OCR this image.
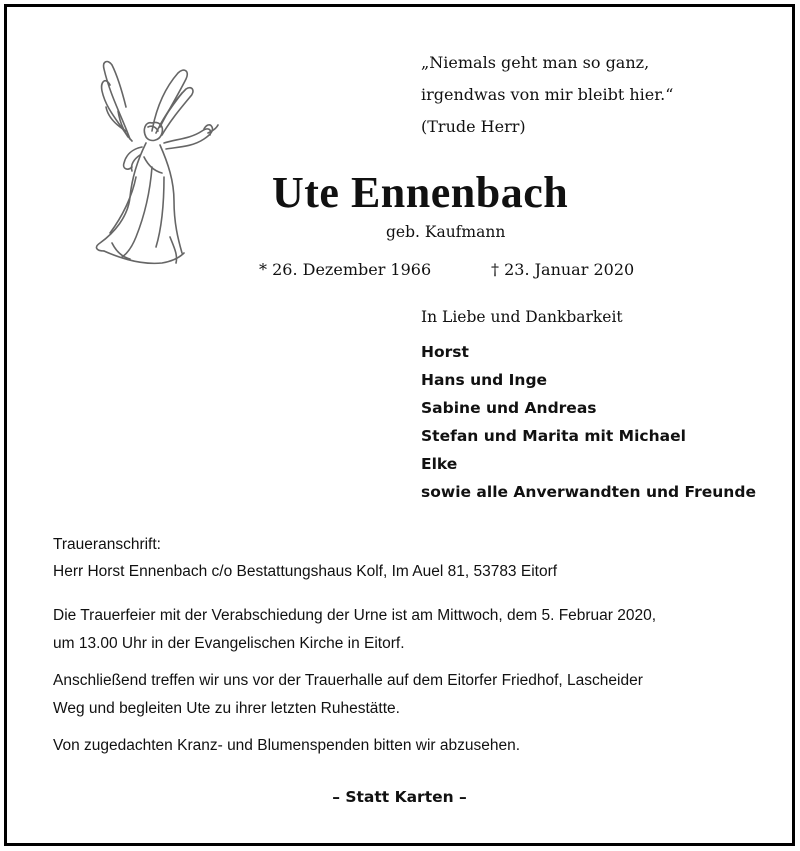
„Niemals geht man so ganz,
irgendwas von mir bleibt hier.“
(Trude Herr)
Ute Ennenbach
geb. Kaufmann
* 26. Dezember 1966	† 23. Januar 2020
In Liebe und Dankbarkeit
Horst
Hans und Inge
Sabine und Andreas
Stefan und Marita mit Michael
Elke
sowie alle Anverwandten und Freunde
Traueranschrift:
Herr Horst Ennenbach c/o Bestattungshaus Kolf, Im Auel 81, 53783 Eitorf
Die Trauerfeier mit der Verabschiedung der Urne ist am Mittwoch, dem 5. Februar 2020,
um 13.00 Uhr in der Evangelischen Kirche in Eitorf.
Anschließend treffen wir uns vor der Trauerhalle auf dem Eitorfer Friedhof, Lascheider
Weg und begleiten Ute zu ihrer letzten Ruhestätte.
Von zugedachten Kranz- und Blumenspenden bitten wir abzusehen.
– Statt Karten –
